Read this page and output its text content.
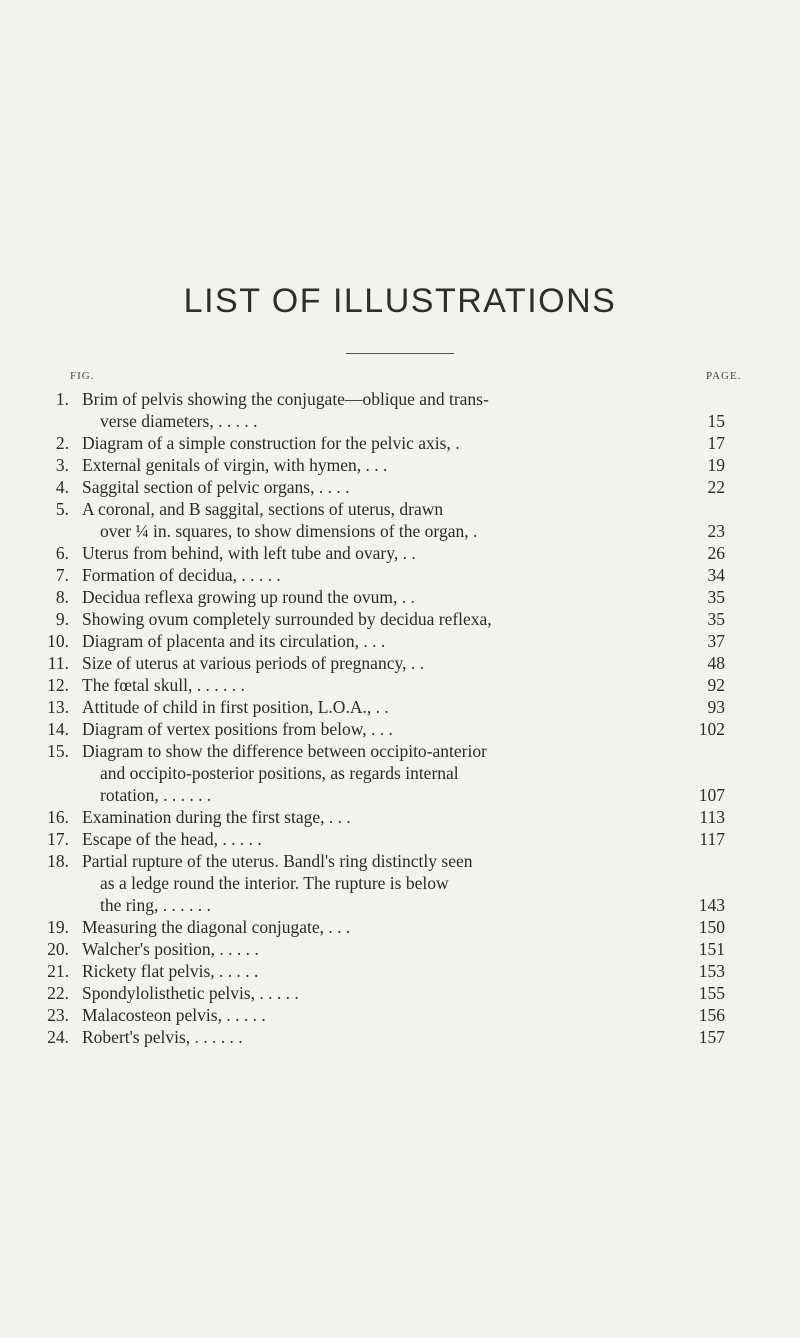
LIST OF ILLUSTRATIONS
FIG.	PAGE.
1. Brim of pelvis showing the conjugate—oblique and trans-
verse diameters, . . . . .	15
2. Diagram of a simple construction for the pelvic axis, .	17
3. External genitals of virgin, with hymen, . . .	19
4. Saggital section of pelvic organs, . . . .	22
5. A coronal, and B saggital, sections of uterus, drawn
over ¼ in. squares, to show dimensions of the organ, .	23
6. Uterus from behind, with left tube and ovary, . .	26
7. Formation of decidua, . . . . .	34
8. Decidua reflexa growing up round the ovum, . .	35
9. Showing ovum completely surrounded by decidua reflexa,	35
10. Diagram of placenta and its circulation, . . .	37
11. Size of uterus at various periods of pregnancy, . .	48
12. The fœtal skull, . . . . . .	92
13. Attitude of child in first position, L.O.A., . .	93
14. Diagram of vertex positions from below, . . .	102
15. Diagram to show the difference between occipito-anterior
and occipito-posterior positions, as regards internal
rotation, . . . . . .	107
16. Examination during the first stage, . . .	113
17. Escape of the head, . . . . .	117
18. Partial rupture of the uterus. Bandl's ring distinctly seen
as a ledge round the interior. The rupture is below
the ring, . . . . . .	143
19. Measuring the diagonal conjugate, . . .	150
20. Walcher's position, . . . . .	151
21. Rickety flat pelvis, . . . . .	153
22. Spondylolisthetic pelvis, . . . . .	155
23. Malacosteon pelvis, . . . . .	156
24. Robert's pelvis, . . . . . .	157
